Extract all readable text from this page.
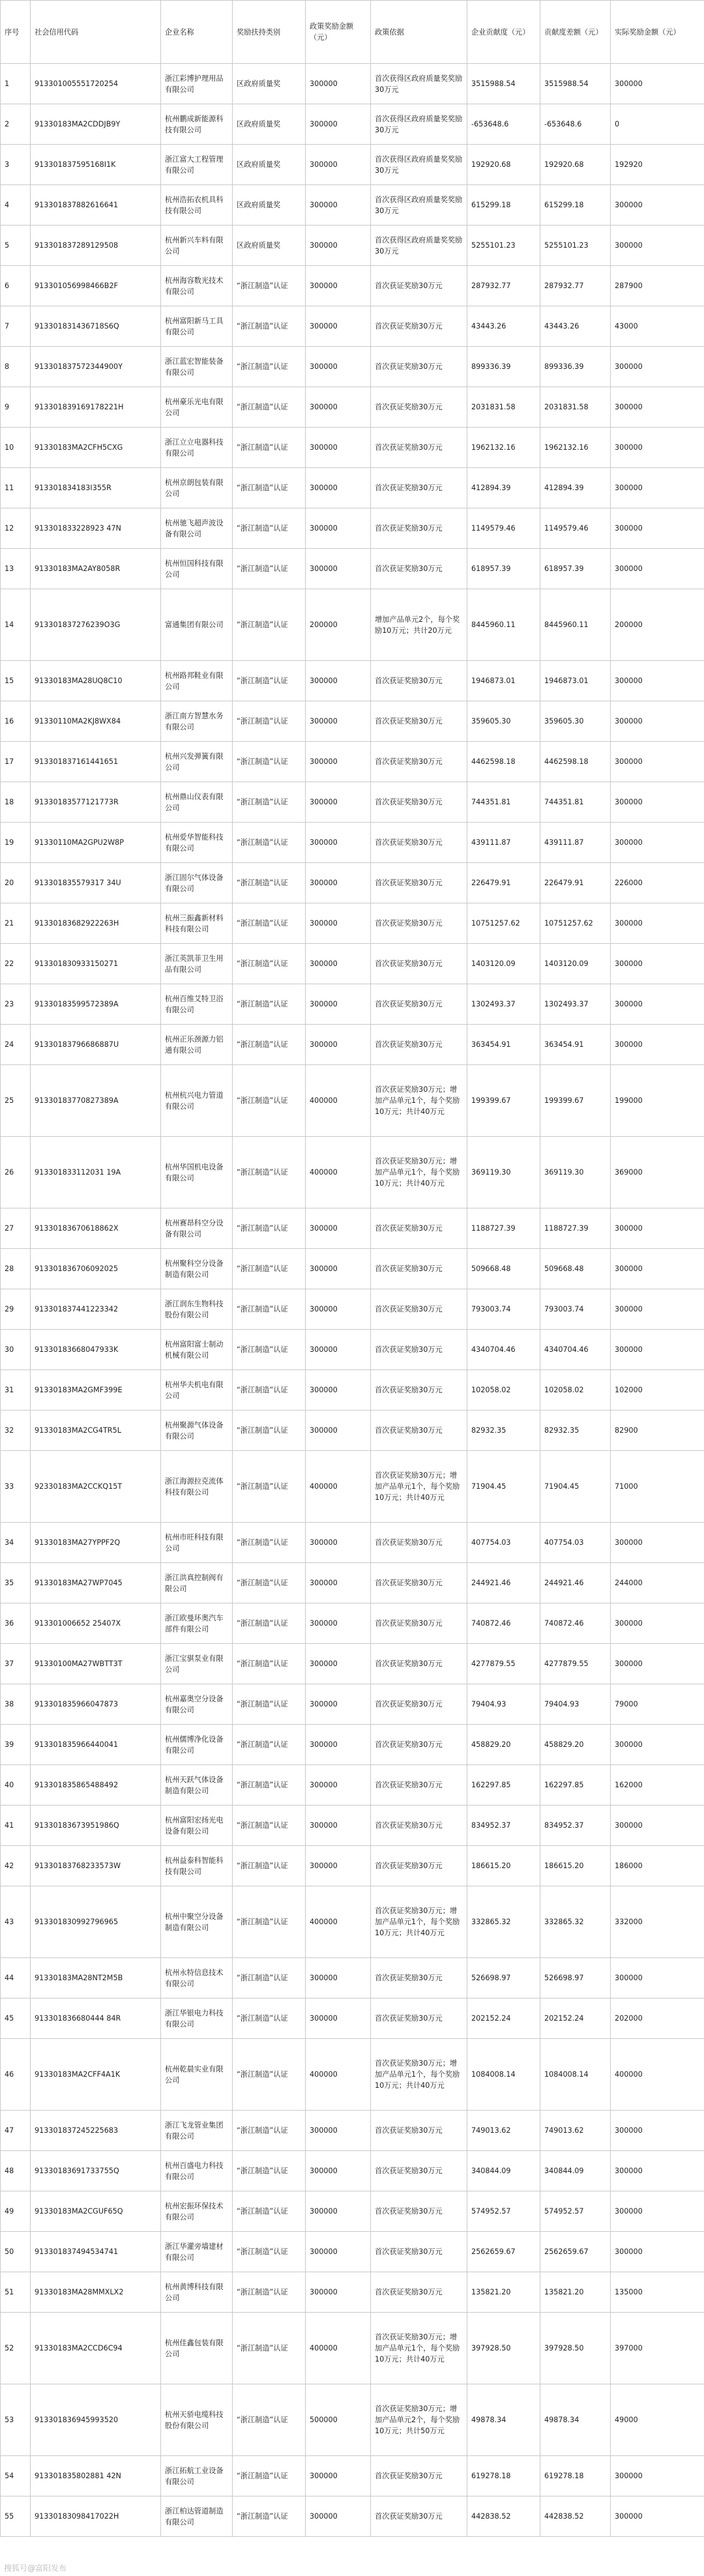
序号	社会信用代码	企业名称	奖励扶持类别	政策奖励金额（元）	政策依据	企业贡献度（元）	贡献度差额（元）	实际奖励金额（元）
1	913301005551720254	浙江彩博护理用品有限公司	区政府质量奖	300000	首次获得区政府质量奖奖励30万元	3515988.54	3515988.54	300000
2	91330183MA2CDDJB9Y	杭州鹏成新能源科技有限公司	区政府质量奖	300000	首次获得区政府质量奖奖励30万元	-653648.6	-653648.6	0
3	913301837595168I1K	浙江富大工程管理有限公司	区政府质量奖	300000	首次获得区政府质量奖奖励30万元	192920.68	192920.68	192920
4	913301837882616641	杭州浩拓农机具科技有限公司	区政府质量奖	300000	首次获得区政府质量奖奖励30万元	615299.18	615299.18	300000
5	913301837289129508	杭州新兴车料有限公司	区政府质量奖	300000	首次获得区政府质量奖奖励30万元	5255101.23	5255101.23	300000
6	913301056998466B2F	杭州海容数光技术有限公司	“浙江制造”认证	300000	首次获证奖励30万元	287932.77	287932.77	287900
7	913301831436718S6Q	杭州富阳新马工具有限公司	“浙江制造”认证	300000	首次获证奖励30万元	43443.26	43443.26	43000
8	913301837572344900Y	浙江蓝宏智能装备有限公司	“浙江制造”认证	300000	首次获证奖励30万元	899336.39	899336.39	300000
9	913301839169178221H	杭州豪乐光电有限公司	“浙江制造”认证	300000	首次获证奖励30万元	2031831.58	2031831.58	300000
10	91330183MA2CFH5CXG	浙江立立电器科技有限公司	“浙江制造”认证	300000	首次获证奖励30万元	1962132.16	1962132.16	300000
11	913301834183I355R	杭州京朗包装有限公司	“浙江制造”认证	300000	首次获证奖励30万元	412894.39	412894.39	300000
12	913301833228923 47N	杭州驰飞超声波设备有限公司	“浙江制造”认证	300000	首次获证奖励30万元	1149579.46	1149579.46	300000
13	91330183MA2AY8058R	杭州恒国科技有限公司	“浙江制造”认证	300000	首次获证奖励30万元	618957.39	618957.39	300000
14	913301837276239O3G	富通集团有限公司	“浙江制造”认证	200000	增加产品单元2个，每个奖励10万元；共计20万元	8445960.11	8445960.11	200000
15	91330183MA28UQ8C10	杭州路邦鞋业有限公司	“浙江制造”认证	300000	首次获证奖励30万元	1946873.01	1946873.01	300000
16	91330110MA2KJ8WX84	浙江南方智慧水务有限公司	“浙江制造”认证	300000	首次获证奖励30万元	359605.30	359605.30	300000
17	913301837161441651	杭州兴发弹簧有限公司	“浙江制造”认证	300000	首次获证奖励30万元	4462598.18	4462598.18	300000
18	91330183577121773R	杭州鼎山仪表有限公司	“浙江制造”认证	300000	首次获证奖励30万元	744351.81	744351.81	300000
19	91330110MA2GPU2W8P	杭州爱华智能科技有限公司	“浙江制造”认证	300000	首次获证奖励30万元	439111.87	439111.87	300000
20	913301835579317 34U	浙江固尔气体设备有限公司	“浙江制造”认证	300000	首次获证奖励30万元	226479.91	226479.91	226000
21	91330183682922263H	杭州三振鑫新材料科技有限公司	“浙江制造”认证	300000	首次获证奖励30万元	10751257.62	10751257.62	300000
22	913301830933150271	浙江英凯菲卫生用品有限公司	“浙江制造”认证	300000	首次获证奖励30万元	1403120.09	1403120.09	300000
23	91330183599572389A	杭州百维艾特卫浴有限公司	“浙江制造”认证	300000	首次获证奖励30万元	1302493.37	1302493.37	300000
24	91330183796686887U	杭州正乐颈源力铝通有限公司	“浙江制造”认证	300000	首次获证奖励30万元	363454.91	363454.91	300000
25	91330183770827389A	杭州杭兴电力管道有限公司	“浙江制造”认证	400000	首次获证奖励30万元；增加产品单元1个，每个奖励10万元；共计40万元	199399.67	199399.67	199000
26	913301833112031 19A	杭州华国机电设备有限公司	“浙江制造”认证	400000	首次获证奖励30万元；增加产品单元1个，每个奖励10万元；共计40万元	369119.30	369119.30	369000
27	91330183670618862X	杭州赛昂科空分设备有限公司	“浙江制造”认证	300000	首次获证奖励30万元	1188727.39	1188727.39	300000
28	913301836706092025	杭州聚科空分设备制造有限公司	“浙江制造”认证	300000	首次获证奖励30万元	509668.48	509668.48	300000
29	913301837441223342	浙江润东生物科技股份有限公司	“浙江制造”认证	300000	首次获证奖励30万元	793003.74	793003.74	300000
30	91330183668047933K	杭州富阳富士制动机械有限公司	“浙江制造”认证	300000	首次获证奖励30万元	4340704.46	4340704.46	300000
31	91330183MA2GMF399E	杭州华夫机电有限公司	“浙江制造”认证	300000	首次获证奖励30万元	102058.02	102058.02	102000
32	91330183MA2CG4TR5L	杭州聚源气体设备有限公司	“浙江制造”认证	300000	首次获证奖励30万元	82932.35	82932.35	82900
33	92330183MA2CCKQ15T	浙江海源拉克流体科技有限公司	“浙江制造”认证	400000	首次获证奖励30万元；增加产品单元1个，每个奖励10万元；共计40万元	71904.45	71904.45	71000
34	91330183MA27YPPF2Q	杭州市旺科技有限公司	“浙江制造”认证	300000	首次获证奖励30万元	407754.03	407754.03	300000
35	91330183MA27WP7045	浙江洪真控制阀有限公司	“浙江制造”认证	300000	首次获证奖励30万元	244921.46	244921.46	244000
36	913301006652 25407X	浙江欧曼环奥汽车部件有限公司	“浙江制造”认证	300000	首次获证奖励30万元	740872.46	740872.46	300000
37	91330100MA27WBTT3T	浙江宝骐泵业有限公司	“浙江制造”认证	300000	首次获证奖励30万元	4277879.55	4277879.55	300000
38	913301835966047873	杭州嘉奥空分设备有限公司	“浙江制造”认证	300000	首次获证奖励30万元	79404.93	79404.93	79000
39	913301835966440041	杭州儒博净化设备有限公司	“浙江制造”认证	300000	首次获证奖励30万元	458829.20	458829.20	300000
40	913301835865488492	杭州天跃气体设备制造有限公司	“浙江制造”认证	300000	首次获证奖励30万元	162297.85	162297.85	162000
41	91330183673951986Q	杭州富阳宏扬光电设备有限公司	“浙江制造”认证	300000	首次获证奖励30万元	834952.37	834952.37	300000
42	91330183768233573W	杭州益泰科智能科技有限公司	“浙江制造”认证	300000	首次获证奖励30万元	186615.20	186615.20	186000
43	913301830992796965	杭州中聚空分设备制造有限公司	“浙江制造”认证	400000	首次获证奖励30万元；增加产品单元1个，每个奖励10万元；共计40万元	332865.32	332865.32	332000
44	91330183MA28NT2M5B	杭州永特信息技术有限公司	“浙江制造”认证	300000	首次获证奖励30万元	526698.97	526698.97	300000
45	913301836680444 84R	浙江华银电力科技有限公司	“浙江制造”认证	300000	首次获证奖励30万元	202152.24	202152.24	202000
46	91330183MA2CFF4A1K	杭州乾晨实业有限公司	“浙江制造”认证	400000	首次获证奖励30万元；增加产品单元1个，每个奖励10万元；共计40万元	1084008.14	1084008.14	400000
47	913301837245225683	浙江飞龙管业集团有限公司	“浙江制造”认证	300000	首次获证奖励30万元	749013.62	749013.62	300000
48	91330183691733755Q	杭州百盛电力科技有限公司	“浙江制造”认证	300000	首次获证奖励30万元	340844.09	340844.09	300000
49	91330183MA2CGUF65Q	杭州宏振环保技术有限公司	“浙江制造”认证	300000	首次获证奖励30万元	574952.57	574952.57	300000
50	913301837494534741	浙江华灌旁墙建材有限公司	“浙江制造”认证	300000	首次获证奖励30万元	2562659.67	2562659.67	300000
51	91330183MA28MMXLX2	杭州黄博科技有限公司	“浙江制造”认证	300000	首次获证奖励30万元	135821.20	135821.20	135000
52	91330183MA2CCD6C94	杭州佳鑫包装有限公司	“浙江制造”认证	400000	首次获证奖励30万元；增加产品单元1个，每个奖励10万元；共计40万元	397928.50	397928.50	397000
53	913301836945993520	杭州天骄电缆科技股份有限公司	“浙江制造”认证	500000	首次获证奖励30万元；增加产品单元2个，每个奖励10万元；共计50万元	49878.34	49878.34	49000
54	913301835802881 42N	浙江拓航工业设备有限公司	“浙江制造”认证	300000	首次获证奖励30万元	619278.18	619278.18	300000
55	91330183098417022H	浙江柏达管道制造有限公司	“浙江制造”认证	300000	首次获证奖励30万元	442838.52	442838.52	300000
搜狐号@富阳发布
